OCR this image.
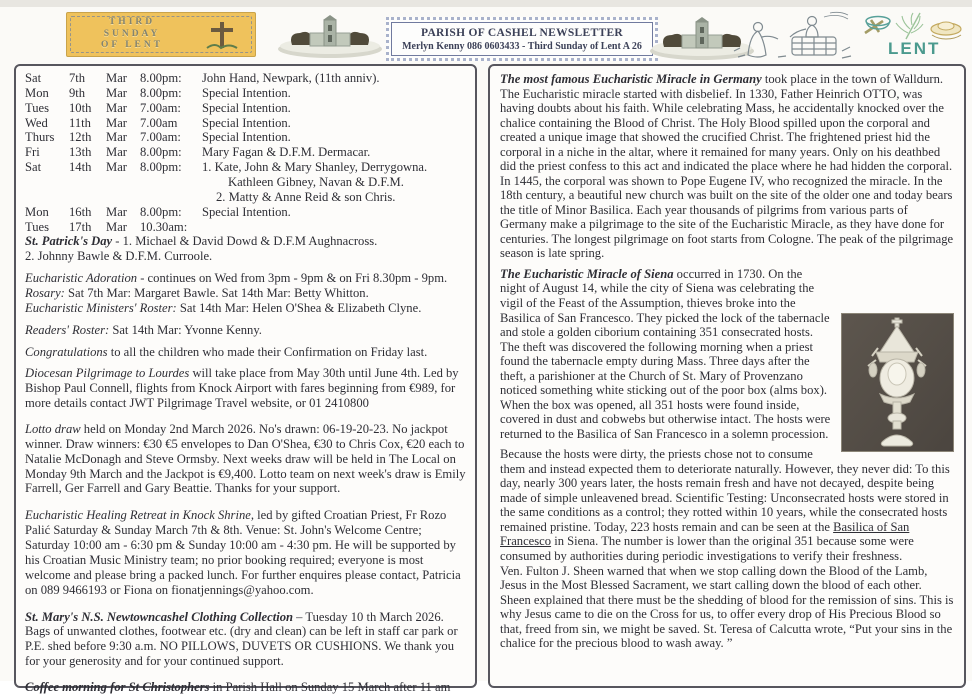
THIRD
SUNDAY
OF LENT
PARISH OF CASHEL NEWSLETTER
Merlyn Kenny 086 0603433 - Third Sunday of Lent A 26	LENT
Sat	7th	Mar	8.00pm:	John Hand, Newpark, (11th anniv).
Mon	9th	Mar	8.00pm:	Special Intention.
Tues	10th	Mar	7.00am:	Special Intention.
Wed	11th	Mar	7.00am	Special Intention.
Thurs	12th	Mar	7.00am:	Special Intention.
Fri	13th	Mar	8.00pm:	Mary Fagan & D.F.M. Dermacar.
Sat	14th	Mar	8.00pm:	1. Kate, John & Mary Shanley, Derrygowna.
Kathleen Gibney, Navan & D.F.M.
2. Matty & Anne Reid & son Chris.
Mon	16th	Mar	8.00pm:	Special Intention.
Tues	17th	Mar	10.30am:

St. Patrick's Day - 1. Michael & David Dowd & D.F.M Aughnacross.

2. Johnny Bawle & D.F.M. Curroole.

Eucharistic Adoration - continues on Wed from 3pm - 9pm & on Fri 8.30pm - 9pm.

Rosary: Sat 7th Mar: Margaret Bawle. Sat 14th Mar: Betty Whitton.

Eucharistic Ministers' Roster: Sat 14th Mar: Helen O'Shea & Elizabeth Clyne.

Readers' Roster: Sat 14th Mar: Yvonne Kenny.

Congratulations to all the children who made their Confirmation on Friday last.

Diocesan Pilgrimage to Lourdes will take place from May 30th until June 4th. Led by Bishop Paul Connell, flights from Knock Airport with fares beginning from €989, for more details contact JWT Pilgrimage Travel website, or 01 2410800

Lotto draw held on Monday 2nd March 2026. No's drawn: 06-19-20-23. No jackpot winner. Draw winners: €30 €5 envelopes to Dan O'Shea, €30 to Chris Cox, €20 each to Natalie McDonagh and Steve Ormsby. Next weeks draw will be held in The Local on Monday 9th March and the Jackpot is €9,400. Lotto team on next week's draw is Emily Farrell, Ger Farrell and Gary Beattie. Thanks for your support.

Eucharistic Healing Retreat in Knock Shrine, led by gifted Croatian Priest, Fr Rozo Palić Saturday & Sunday March 7th & 8th. Venue: St. John's Welcome Centre; Saturday 10:00 am - 6:30 pm & Sunday 10:00 am - 4:30 pm. He will be supported by his Croatian Music Ministry team; no prior booking required; everyone is most welcome and please bring a packed lunch. For further enquires please contact, Patricia on 089 9466193 or Fiona on fionatjennings@yahoo.com.

St. Mary's N.S. Newtowncashel Clothing Collection – Tuesday 10 th March 2026. Bags of unwanted clothes, footwear etc. (dry and clean) can be left in staff car park or P.E. shed before 9:30 a.m. NO PILLOWS, DUVETS OR CUSHIONS. We thank you for your generosity and for your continued support.

Coffee morning for St Christophers in Parish Hall on Sunday 15 March after 11 am

The most famous Eucharistic Miracle in Germany took place in the town of Walldurn. The Eucharistic miracle started with disbelief. In 1330, Father Heinrich OTTO, was having doubts about his faith. While celebrating Mass, he accidentally knocked over the chalice containing the Blood of Christ. The Holy Blood spilled upon the corporal and created a unique image that showed the crucified Christ. The frightened priest hid the corporal in a niche in the altar, where it remained for many years. Only on his deathbed did the priest confess to this act and indicated the place where he had hidden the corporal. In 1445, the corporal was shown to Pope Eugene IV, who recognized the miracle. In the 18th century, a beautiful new church was built on the site of the older one and today bears the title of Minor Basilica. Each year thousands of pilgrims from various parts of Germany make a pilgrimage to the site of the Eucharistic Miracle, as they have done for centuries. The longest pilgrimage on foot starts from Cologne. The peak of the pilgrimage season is late spring.

The Eucharistic Miracle of Siena occurred in 1730. On the night of August 14, while the city of Siena was celebrating the vigil of the Feast of the Assumption, thieves broke into the Basilica of San Francesco. They picked the lock of the tabernacle and stole a golden ciborium containing 351 consecrated hosts. The theft was discovered the following morning when a priest found the tabernacle empty during Mass. Three days after the theft, a parishioner at the Church of St. Mary of Provenzano noticed something white sticking out of the poor box (alms box). When the box was opened, all 351 hosts were found inside, covered in dust and cobwebs but otherwise intact. The hosts were returned to the Basilica of San Francesco in a solemn procession.

Because the hosts were dirty, the priests chose not to consume them and instead expected them to deteriorate naturally. However, they never did: To this day, nearly 300 years later, the hosts remain fresh and have not decayed, despite being made of simple unleavened bread. Scientific Testing: Unconsecrated hosts were stored in the same conditions as a control; they rotted within 10 years, while the consecrated hosts remained pristine. Today, 223 hosts remain and can be seen at the Basilica of San Francesco in Siena. The number is lower than the original 351 because some were consumed by authorities during periodic investigations to verify their freshness.

Ven. Fulton J. Sheen warned that when we stop calling down the Blood of the Lamb, Jesus in the Most Blessed Sacrament, we start calling down the blood of each other. Sheen explained that there must be the shedding of blood for the remission of sins. This is why Jesus came to die on the Cross for us, to offer every drop of His Precious Blood so that, freed from sin, we might be saved. St. Teresa of Calcutta wrote, “Put your sins in the chalice for the precious blood to wash away. ”
